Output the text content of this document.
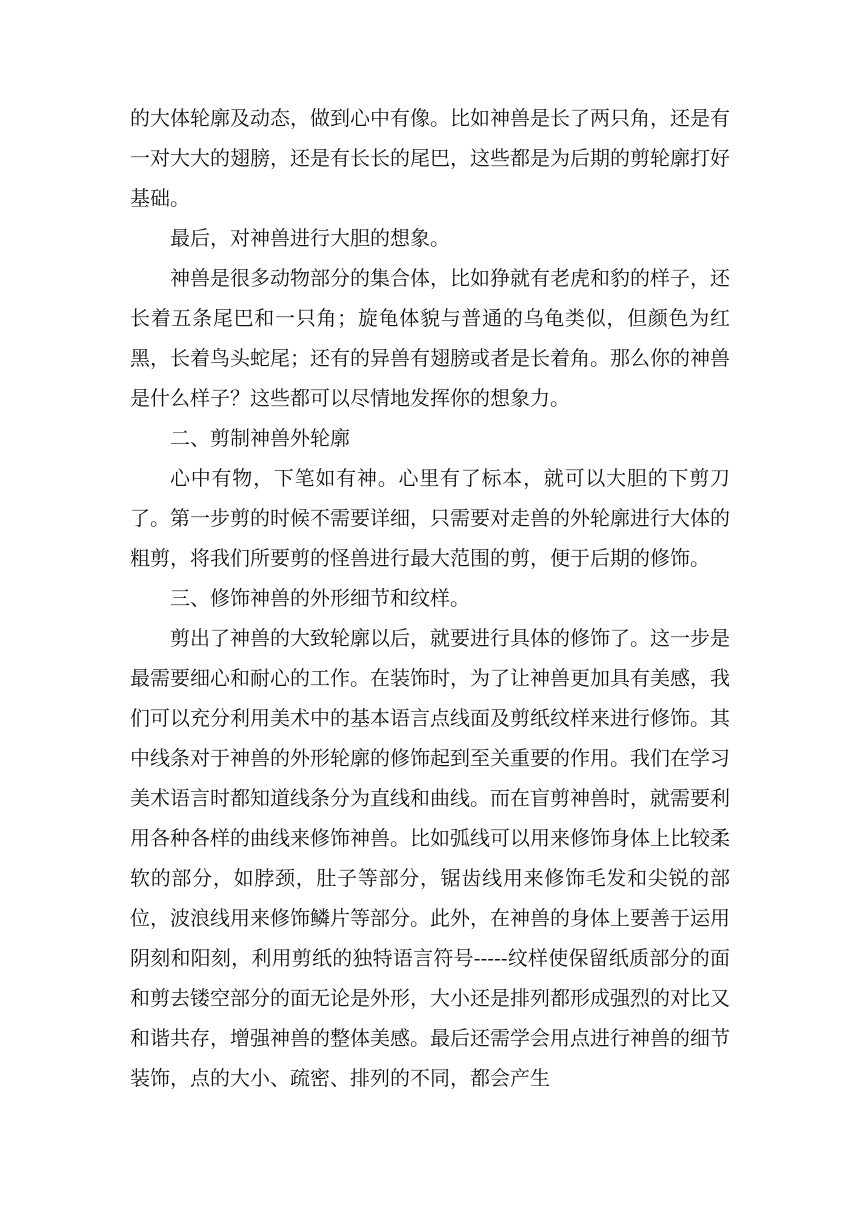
的大体轮廓及动态，做到心中有像。比如神兽是长了两只角，还是有一对大大的翅膀，还是有长长的尾巴，这些都是为后期的剪轮廓打好基础。

最后，对神兽进行大胆的想象。

神兽是很多动物部分的集合体，比如狰就有老虎和豹的样子，还长着五条尾巴和一只角；旋龟体貌与普通的乌龟类似，但颜色为红黑，长着鸟头蛇尾；还有的异兽有翅膀或者是长着角。那么你的神兽是什么样子？这些都可以尽情地发挥你的想象力。

二、剪制神兽外轮廓

心中有物，下笔如有神。心里有了标本，就可以大胆的下剪刀了。第一步剪的时候不需要详细，只需要对走兽的外轮廓进行大体的粗剪，将我们所要剪的怪兽进行最大范围的剪，便于后期的修饰。

三、修饰神兽的外形细节和纹样。

剪出了神兽的大致轮廓以后，就要进行具体的修饰了。这一步是最需要细心和耐心的工作。在装饰时，为了让神兽更加具有美感，我们可以充分利用美术中的基本语言点线面及剪纸纹样来进行修饰。其中线条对于神兽的外形轮廓的修饰起到至关重要的作用。我们在学习美术语言时都知道线条分为直线和曲线。而在盲剪神兽时，就需要利用各种各样的曲线来修饰神兽。比如弧线可以用来修饰身体上比较柔软的部分，如脖颈，肚子等部分，锯齿线用来修饰毛发和尖锐的部位，波浪线用来修饰鳞片等部分。此外，在神兽的身体上要善于运用阴刻和阳刻，利用剪纸的独特语言符号-----纹样使保留纸质部分的面和剪去镂空部分的面无论是外形，大小还是排列都形成强烈的对比又和谐共存，增强神兽的整体美感。最后还需学会用点进行神兽的细节装饰，点的大小、疏密、排列的不同，都会产生
